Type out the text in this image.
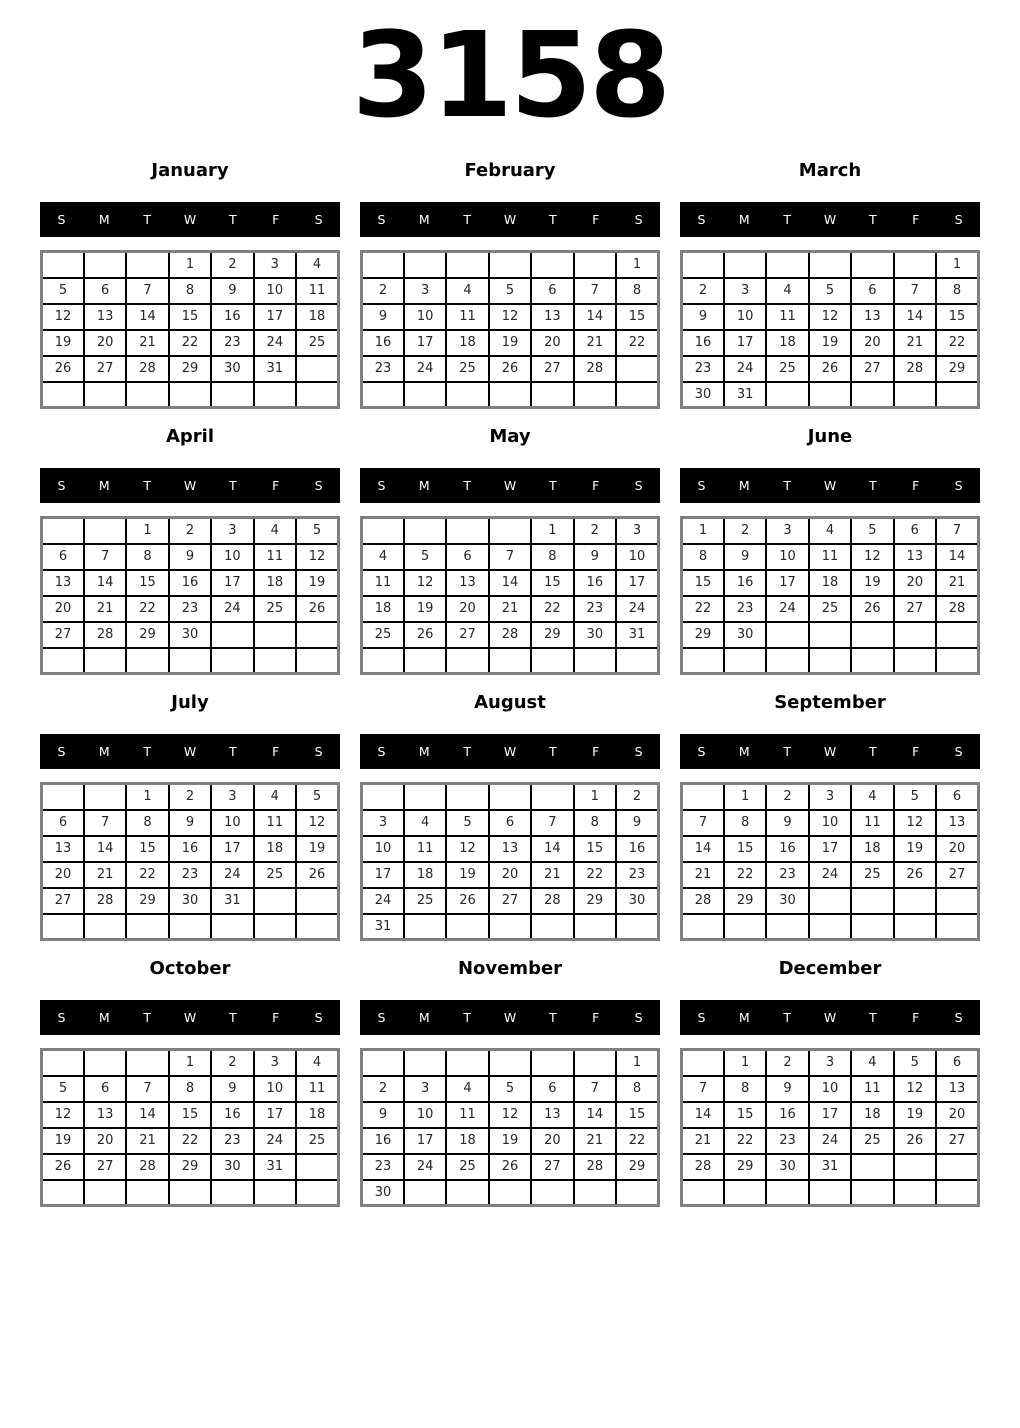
3158
January
S	M	T	W	T	F	S
			1	2	3	4
5	6	7	8	9	10	11
12	13	14	15	16	17	18
19	20	21	22	23	24	25
26	27	28	29	30	31	

February
S	M	T	W	T	F	S
						1
2	3	4	5	6	7	8
9	10	11	12	13	14	15
16	17	18	19	20	21	22
23	24	25	26	27	28	

March
S	M	T	W	T	F	S
						1
2	3	4	5	6	7	8
9	10	11	12	13	14	15
16	17	18	19	20	21	22
23	24	25	26	27	28	29
30	31					
April
S	M	T	W	T	F	S
		1	2	3	4	5
6	7	8	9	10	11	12
13	14	15	16	17	18	19
20	21	22	23	24	25	26
27	28	29	30			

May
S	M	T	W	T	F	S
				1	2	3
4	5	6	7	8	9	10
11	12	13	14	15	16	17
18	19	20	21	22	23	24
25	26	27	28	29	30	31

June
S	M	T	W	T	F	S
1	2	3	4	5	6	7
8	9	10	11	12	13	14
15	16	17	18	19	20	21
22	23	24	25	26	27	28
29	30					

July
S	M	T	W	T	F	S
		1	2	3	4	5
6	7	8	9	10	11	12
13	14	15	16	17	18	19
20	21	22	23	24	25	26
27	28	29	30	31		

August
S	M	T	W	T	F	S
					1	2
3	4	5	6	7	8	9
10	11	12	13	14	15	16
17	18	19	20	21	22	23
24	25	26	27	28	29	30
31						
September
S	M	T	W	T	F	S
	1	2	3	4	5	6
7	8	9	10	11	12	13
14	15	16	17	18	19	20
21	22	23	24	25	26	27
28	29	30				

October
S	M	T	W	T	F	S
			1	2	3	4
5	6	7	8	9	10	11
12	13	14	15	16	17	18
19	20	21	22	23	24	25
26	27	28	29	30	31	

November
S	M	T	W	T	F	S
						1
2	3	4	5	6	7	8
9	10	11	12	13	14	15
16	17	18	19	20	21	22
23	24	25	26	27	28	29
30						
December
S	M	T	W	T	F	S
	1	2	3	4	5	6
7	8	9	10	11	12	13
14	15	16	17	18	19	20
21	22	23	24	25	26	27
28	29	30	31			
